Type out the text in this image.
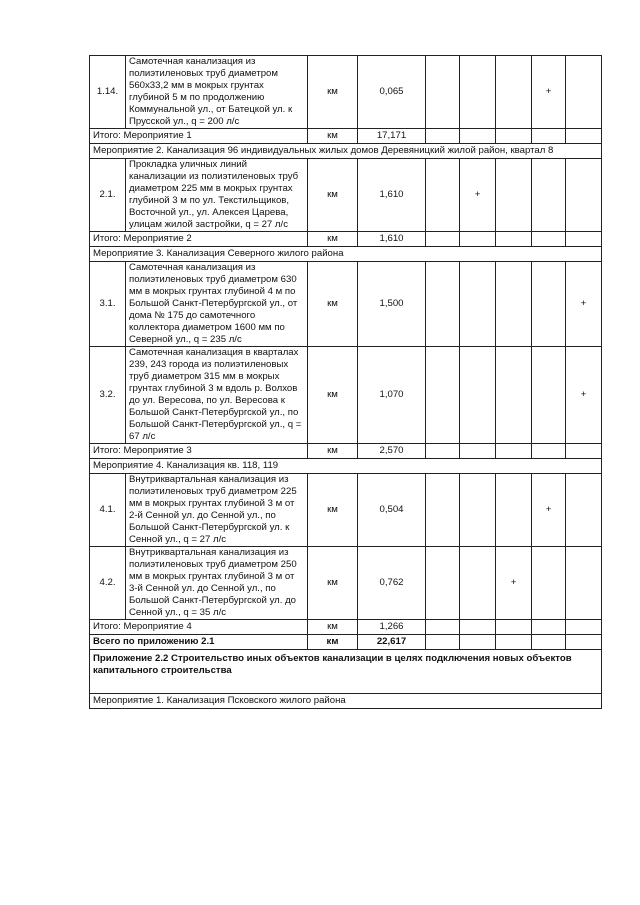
1.14.	Самотечная канализация из полиэтиленовых труб диаметром 560х33,2 мм в мокрых грунтах глубиной 5 м по продолжению Коммунальной ул., от Батецкой ул. к Прусской ул., q = 200 л/с	км	0,065				+	
Итого: Мероприятие 1		км	17,171					
Мероприятие 2. Канализация 96 индивидуальных жилых домов Деревяницкий жилой район, квартал 8								
2.1.	Прокладка уличных линий канализации из полиэтиленовых труб диаметром 225 мм в мокрых грунтах глубиной 3 м по ул. Текстильщиков, Восточной ул., ул. Алексея Царева, улицам жилой застройки, q = 27 л/с	км	1,610		+			
Итого: Мероприятие 2		км	1,610					
Мероприятие 3. Канализация Северного жилого района								
3.1.	Самотечная канализация из полиэтиленовых труб диаметром 630 мм в мокрых грунтах глубиной 4 м по Большой Санкт-Петербургской ул., от дома № 175 до самотечного коллектора диаметром 1600 мм по Северной ул., q = 235 л/с	км	1,500					+
3.2.	Самотечная канализация в кварталах 239, 243 города из полиэтиленовых труб диаметром 315 мм в мокрых грунтах глубиной 3 м вдоль р. Волхов до ул. Вересова, по ул. Вересова к Большой Санкт-Петербургской ул., по Большой Санкт-Петербургской ул., q = 67 л/с	км	1,070					+
Итого: Мероприятие 3		км	2,570					
Мероприятие 4. Канализация кв. 118, 119								
4.1.	Внутриквартальная канализация из полиэтиленовых труб диаметром 225 мм в мокрых грунтах глубиной 3 м от 2-й Сенной ул. до Сенной ул., по Большой Санкт-Петербургской ул. к Сенной ул., q = 27 л/с	км	0,504				+	
4.2.	Внутриквартальная канализация из полиэтиленовых труб диаметром 250 мм в мокрых грунтах глубиной 3 м от 3-й Сенной ул. до Сенной ул., по Большой Санкт-Петербургской ул. до Сенной ул., q = 35 л/с	км	0,762			+		
Итого: Мероприятие 4		км	1,266					
Всего по приложению 2.1		км	22,617					
Приложение 2.2 Строительство иных объектов канализации в целях подключения новых объектов капитального строительства								
Мероприятие 1. Канализация Псковского жилого района								
